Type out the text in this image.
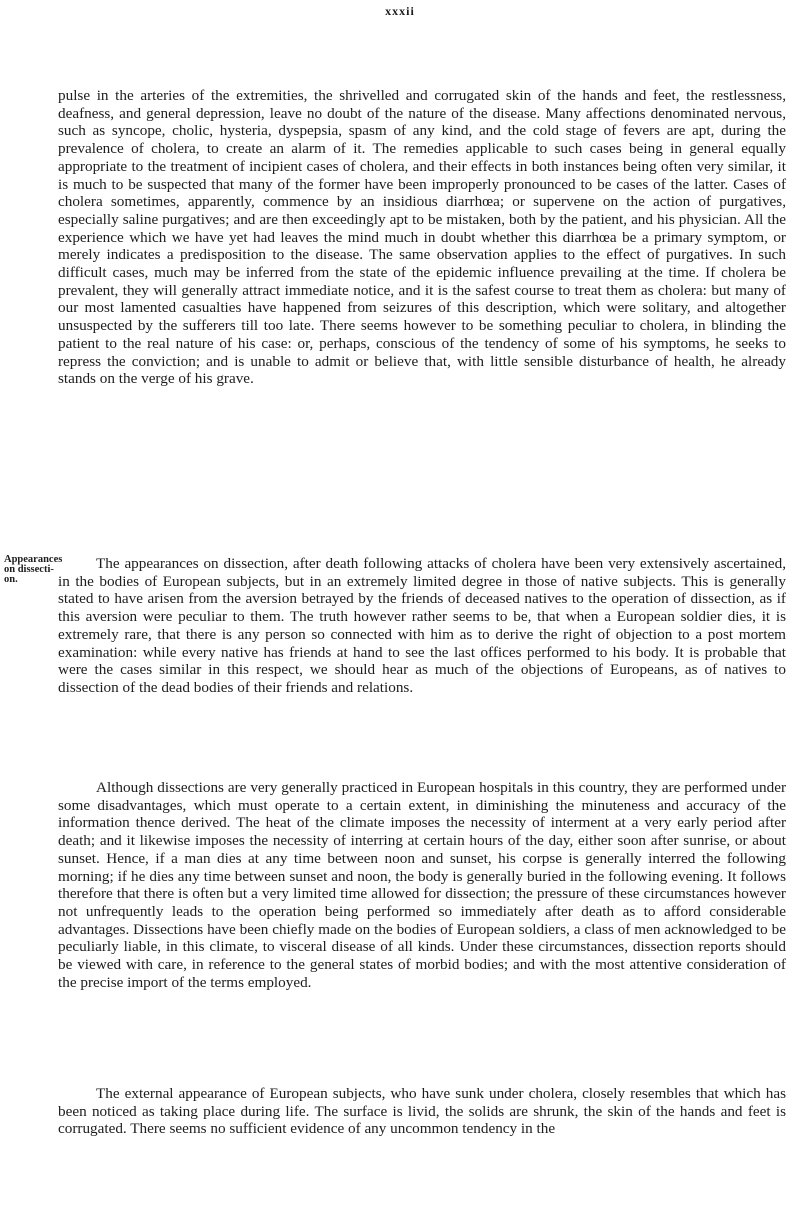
xxxii

pulse in the arteries of the extremities, the shrivelled and corrugated skin of the hands and feet, the restlessness, deafness, and general depression, leave no doubt of the nature of the disease. Many affections denominated nervous, such as syncope, cholic, hysteria, dyspepsia, spasm of any kind, and the cold stage of fevers are apt, during the prevalence of cholera, to create an alarm of it. The remedies applicable to such cases being in general equally appropriate to the treatment of incipient cases of cholera, and their effects in both instances being often very similar, it is much to be suspected that many of the former have been improperly pronounced to be cases of the latter. Cases of cholera sometimes, apparently, commence by an insidious diarrhœa; or supervene on the action of purgatives, especially saline purgatives; and are then exceedingly apt to be mistaken, both by the patient, and his physician. All the experience which we have yet had leaves the mind much in doubt whether this diarrhœa be a primary symptom, or merely indicates a predisposition to the disease. The same observation applies to the effect of purgatives. In such difficult cases, much may be inferred from the state of the epidemic influence prevailing at the time. If cholera be prevalent, they will generally attract immediate notice, and it is the safest course to treat them as cholera: but many of our most lamented casualties have happened from seizures of this description, which were solitary, and altogether unsuspected by the sufferers till too late. There seems however to be something peculiar to cholera, in blinding the patient to the real nature of his case: or, perhaps, conscious of the tendency of some of his symptoms, he seeks to repress the conviction; and is unable to admit or believe that, with little sensible disturbance of health, he already stands on the verge of his grave.

Appearances
on dissecti-
on.

The appearances on dissection, after death following attacks of cholera have been very extensively ascertained, in the bodies of European subjects, but in an extremely limited degree in those of native subjects. This is generally stated to have arisen from the aversion betrayed by the friends of deceased natives to the operation of dissection, as if this aversion were peculiar to them. The truth however rather seems to be, that when a European soldier dies, it is extremely rare, that there is any person so connected with him as to derive the right of objection to a post mortem examination: while every native has friends at hand to see the last offices performed to his body. It is probable that were the cases similar in this respect, we should hear as much of the objections of Europeans, as of natives to dissection of the dead bodies of their friends and relations.

Although dissections are very generally practiced in European hospitals in this country, they are performed under some disadvantages, which must operate to a certain extent, in diminishing the minuteness and accuracy of the information thence derived. The heat of the climate imposes the necessity of interment at a very early period after death; and it likewise imposes the necessity of interring at certain hours of the day, either soon after sunrise, or about sunset. Hence, if a man dies at any time between noon and sunset, his corpse is generally interred the following morning; if he dies any time between sunset and noon, the body is generally buried in the following evening. It follows therefore that there is often but a very limited time allowed for dissection; the pressure of these circumstances however not unfrequently leads to the operation being performed so immediately after death as to afford considerable advantages. Dissections have been chiefly made on the bodies of European soldiers, a class of men acknowledged to be peculiarly liable, in this climate, to visceral disease of all kinds. Under these circumstances, dissection reports should be viewed with care, in reference to the general states of morbid bodies; and with the most attentive consideration of the precise import of the terms employed.

The external appearance of European subjects, who have sunk under cholera, closely resembles that which has been noticed as taking place during life. The surface is livid, the solids are shrunk, the skin of the hands and feet is corrugated. There seems no sufficient evidence of any uncommon tendency in the
